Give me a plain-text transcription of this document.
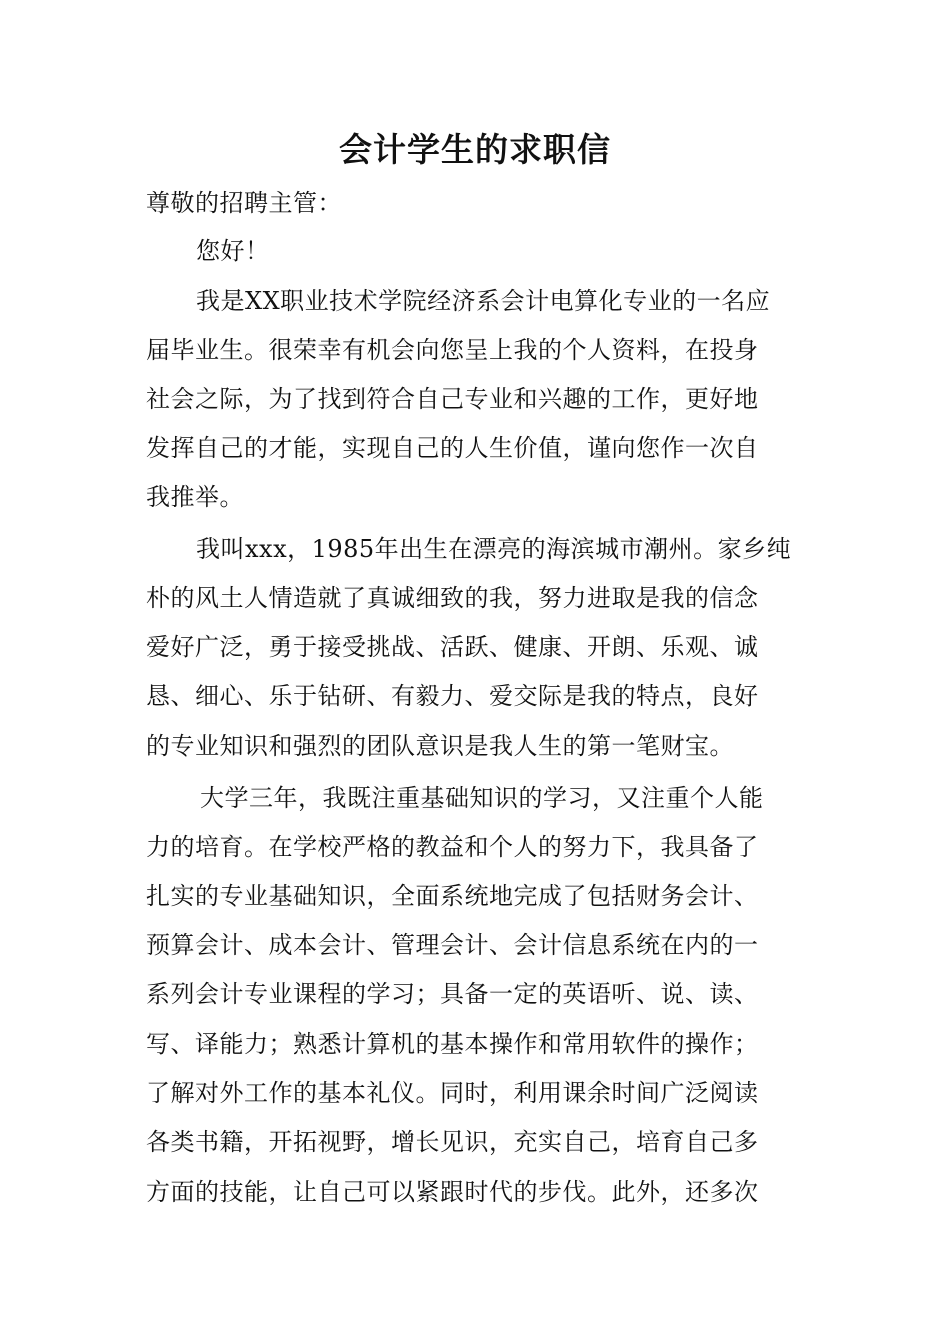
会计学生的求职信
尊敬的招聘主管：
您好！
我是XX职业技术学院经济系会计电算化专业的一名应
届毕业生。很荣幸有机会向您呈上我的个人资料，在投身
社会之际，为了找到符合自己专业和兴趣的工作，更好地
发挥自己的才能，实现自己的人生价值，谨向您作一次自
我推举。
我叫xxx，1985年出生在漂亮的海滨城市潮州。家乡纯
朴的风土人情造就了真诚细致的我，努力进取是我的信念
爱好广泛，勇于接受挑战、活跃、健康、开朗、乐观、诚
恳、细心、乐于钻研、有毅力、爱交际是我的特点，良好
的专业知识和强烈的团队意识是我人生的第一笔财宝。
大学三年，我既注重基础知识的学习，又注重个人能
力的培育。在学校严格的教益和个人的努力下，我具备了
扎实的专业基础知识，全面系统地完成了包括财务会计、
预算会计、成本会计、管理会计、会计信息系统在内的一
系列会计专业课程的学习；具备一定的英语听、说、读、
写、译能力；熟悉计算机的基本操作和常用软件的操作；
了解对外工作的基本礼仪。同时，利用课余时间广泛阅读
各类书籍，开拓视野，增长见识，充实自己，培育自己多
方面的技能，让自己可以紧跟时代的步伐。此外，还多次
